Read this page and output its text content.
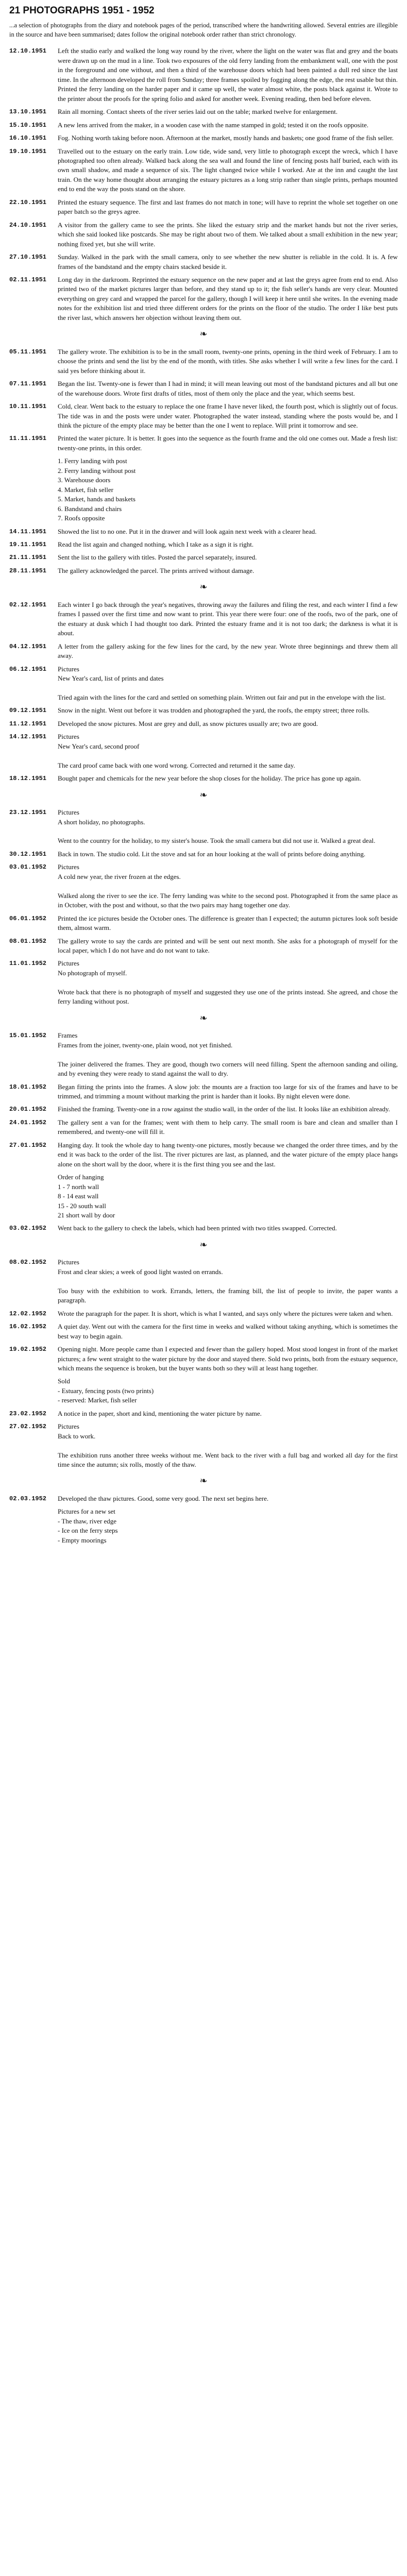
21 PHOTOGRAPHS 1951 - 1952
...a selection of photographs from the diary and notebook pages of the period, transcribed where the handwriting allowed. Several entries are illegible in the source and have been summarised; dates follow the original notebook order rather than strict chronology.
12.10.1951	Left the studio early and walked the long way round by the river, where the light on the water was flat and grey and the boats were drawn up on the mud in a line. Took two exposures of the old ferry landing from the embankment wall, one with the post in the foreground and one without, and then a third of the warehouse doors which had been painted a dull red since the last time. In the afternoon developed the roll from Sunday; three frames spoiled by fogging along the edge, the rest usable but thin. Printed the ferry landing on the harder paper and it came up well, the water almost white, the posts black against it. Wrote to the printer about the proofs for the spring folio and asked for another week. Evening reading, then bed before eleven.
13.10.1951	Rain all morning. Contact sheets of the river series laid out on the table; marked twelve for enlargement.
15.10.1951	A new lens arrived from the maker, in a wooden case with the name stamped in gold; tested it on the roofs opposite.
16.10.1951	Fog. Nothing worth taking before noon. Afternoon at the market, mostly hands and baskets; one good frame of the fish seller.
19.10.1951	Travelled out to the estuary on the early train. Low tide, wide sand, very little to photograph except the wreck, which I have photographed too often already. Walked back along the sea wall and found the line of fencing posts half buried, each with its own small shadow, and made a sequence of six. The light changed twice while I worked. Ate at the inn and caught the last train. On the way home thought about arranging the estuary pictures as a long strip rather than single prints, perhaps mounted end to end the way the posts stand on the shore.
22.10.1951	Printed the estuary sequence. The first and last frames do not match in tone; will have to reprint the whole set together on one paper batch so the greys agree.
24.10.1951	A visitor from the gallery came to see the prints. She liked the estuary strip and the market hands but not the river series, which she said looked like postcards. She may be right about two of them. We talked about a small exhibition in the new year; nothing fixed yet, but she will write.
27.10.1951	Sunday. Walked in the park with the small camera, only to see whether the new shutter is reliable in the cold. It is. A few frames of the bandstand and the empty chairs stacked beside it.
02.11.1951	Long day in the darkroom. Reprinted the estuary sequence on the new paper and at last the greys agree from end to end. Also printed two of the market pictures larger than before, and they stand up to it; the fish seller's hands are very clear. Mounted everything on grey card and wrapped the parcel for the gallery, though I will keep it here until she writes. In the evening made notes for the exhibition list and tried three different orders for the prints on the floor of the studio. The order I like best puts the river last, which answers her objection without leaving them out.
❧
05.11.1951	The gallery wrote. The exhibition is to be in the small room, twenty-one prints, opening in the third week of February. I am to choose the prints and send the list by the end of the month, with titles. She asks whether I will write a few lines for the card. I said yes before thinking about it.
07.11.1951	Began the list. Twenty-one is fewer than I had in mind; it will mean leaving out most of the bandstand pictures and all but one of the warehouse doors. Wrote first drafts of titles, most of them only the place and the year, which seems best.
10.11.1951	Cold, clear. Went back to the estuary to replace the one frame I have never liked, the fourth post, which is slightly out of focus. The tide was in and the posts were under water. Photographed the water instead, standing where the posts would be, and I think the picture of the empty place may be better than the one I went to replace. Will print it tomorrow and see.
11.11.1951	Printed the water picture. It is better. It goes into the sequence as the fourth frame and the old one comes out. Made a fresh list: twenty-one prints, in this order.
1. Ferry landing with post
2. Ferry landing without post
3. Warehouse doors
4. Market, fish seller
5. Market, hands and baskets
6. Bandstand and chairs
7. Roofs opposite
14.11.1951	Showed the list to no one. Put it in the drawer and will look again next week with a clearer head.
19.11.1951	Read the list again and changed nothing, which I take as a sign it is right.
21.11.1951	Sent the list to the gallery with titles. Posted the parcel separately, insured.
28.11.1951	The gallery acknowledged the parcel. The prints arrived without damage.
❧
02.12.1951	Each winter I go back through the year's negatives, throwing away the failures and filing the rest, and each winter I find a few frames I passed over the first time and now want to print. This year there were four: one of the roofs, two of the park, one of the estuary at dusk which I had thought too dark. Printed the estuary frame and it is not too dark; the darkness is what it is about.
04.12.1951	A letter from the gallery asking for the few lines for the card, by the new year. Wrote three beginnings and threw them all away.
06.12.1951	Pictures
New Year's card, list of prints and dates

Tried again with the lines for the card and settled on something plain. Written out fair and put in the envelope with the list.
09.12.1951	Snow in the night. Went out before it was trodden and photographed the yard, the roofs, the empty street; three rolls.
11.12.1951	Developed the snow pictures. Most are grey and dull, as snow pictures usually are; two are good.
14.12.1951	Pictures
New Year's card, second proof

The card proof came back with one word wrong. Corrected and returned it the same day.
18.12.1951	Bought paper and chemicals for the new year before the shop closes for the holiday. The price has gone up again.
❧
23.12.1951	Pictures
A short holiday, no photographs.

Went to the country for the holiday, to my sister's house. Took the small camera but did not use it. Walked a great deal.
30.12.1951	Back in town. The studio cold. Lit the stove and sat for an hour looking at the wall of prints before doing anything.
03.01.1952	Pictures
A cold new year, the river frozen at the edges.

Walked along the river to see the ice. The ferry landing was white to the second post. Photographed it from the same place as in October, with the post and without, so that the two pairs may hang together one day.
06.01.1952	Printed the ice pictures beside the October ones. The difference is greater than I expected; the autumn pictures look soft beside them, almost warm.
08.01.1952	The gallery wrote to say the cards are printed and will be sent out next month. She asks for a photograph of myself for the local paper, which I do not have and do not want to take.
11.01.1952	Pictures
No photograph of myself.

Wrote back that there is no photograph of myself and suggested they use one of the prints instead. She agreed, and chose the ferry landing without post.
❧
15.01.1952	Frames
Frames from the joiner, twenty-one, plain wood, not yet finished.

The joiner delivered the frames. They are good, though two corners will need filling. Spent the afternoon sanding and oiling, and by evening they were ready to stand against the wall to dry.
18.01.1952	Began fitting the prints into the frames. A slow job: the mounts are a fraction too large for six of the frames and have to be trimmed, and trimming a mount without marking the print is harder than it looks. By night eleven were done.
20.01.1952	Finished the framing. Twenty-one in a row against the studio wall, in the order of the list. It looks like an exhibition already.
24.01.1952	The gallery sent a van for the frames; went with them to help carry. The small room is bare and clean and smaller than I remembered, and twenty-one will fill it.
27.01.1952	Hanging day. It took the whole day to hang twenty-one pictures, mostly because we changed the order three times, and by the end it was back to the order of the list. The river pictures are last, as planned, and the water picture of the empty place hangs alone on the short wall by the door, where it is the first thing you see and the last.
Order of hanging
1 - 7 north wall
8 - 14 east wall
15 - 20 south wall
21 short wall by door
03.02.1952	Went back to the gallery to check the labels, which had been printed with two titles swapped. Corrected.
❧
08.02.1952	Pictures
Frost and clear skies; a week of good light wasted on errands.

Too busy with the exhibition to work. Errands, letters, the framing bill, the list of people to invite, the paper wants a paragraph.
12.02.1952	Wrote the paragraph for the paper. It is short, which is what I wanted, and says only where the pictures were taken and when.
16.02.1952	A quiet day. Went out with the camera for the first time in weeks and walked without taking anything, which is sometimes the best way to begin again.
19.02.1952	Opening night. More people came than I expected and fewer than the gallery hoped. Most stood longest in front of the market pictures; a few went straight to the water picture by the door and stayed there. Sold two prints, both from the estuary sequence, which means the sequence is broken, but the buyer wants both so they will at least hang together.
Sold
- Estuary, fencing posts (two prints)
- reserved: Market, fish seller
23.02.1952	A notice in the paper, short and kind, mentioning the water picture by name.
27.02.1952	Pictures
Back to work.

The exhibition runs another three weeks without me. Went back to the river with a full bag and worked all day for the first time since the autumn; six rolls, mostly of the thaw.
❧
02.03.1952	Developed the thaw pictures. Good, some very good. The next set begins here.
Pictures for a new set
- The thaw, river edge
- Ice on the ferry steps
- Empty moorings
